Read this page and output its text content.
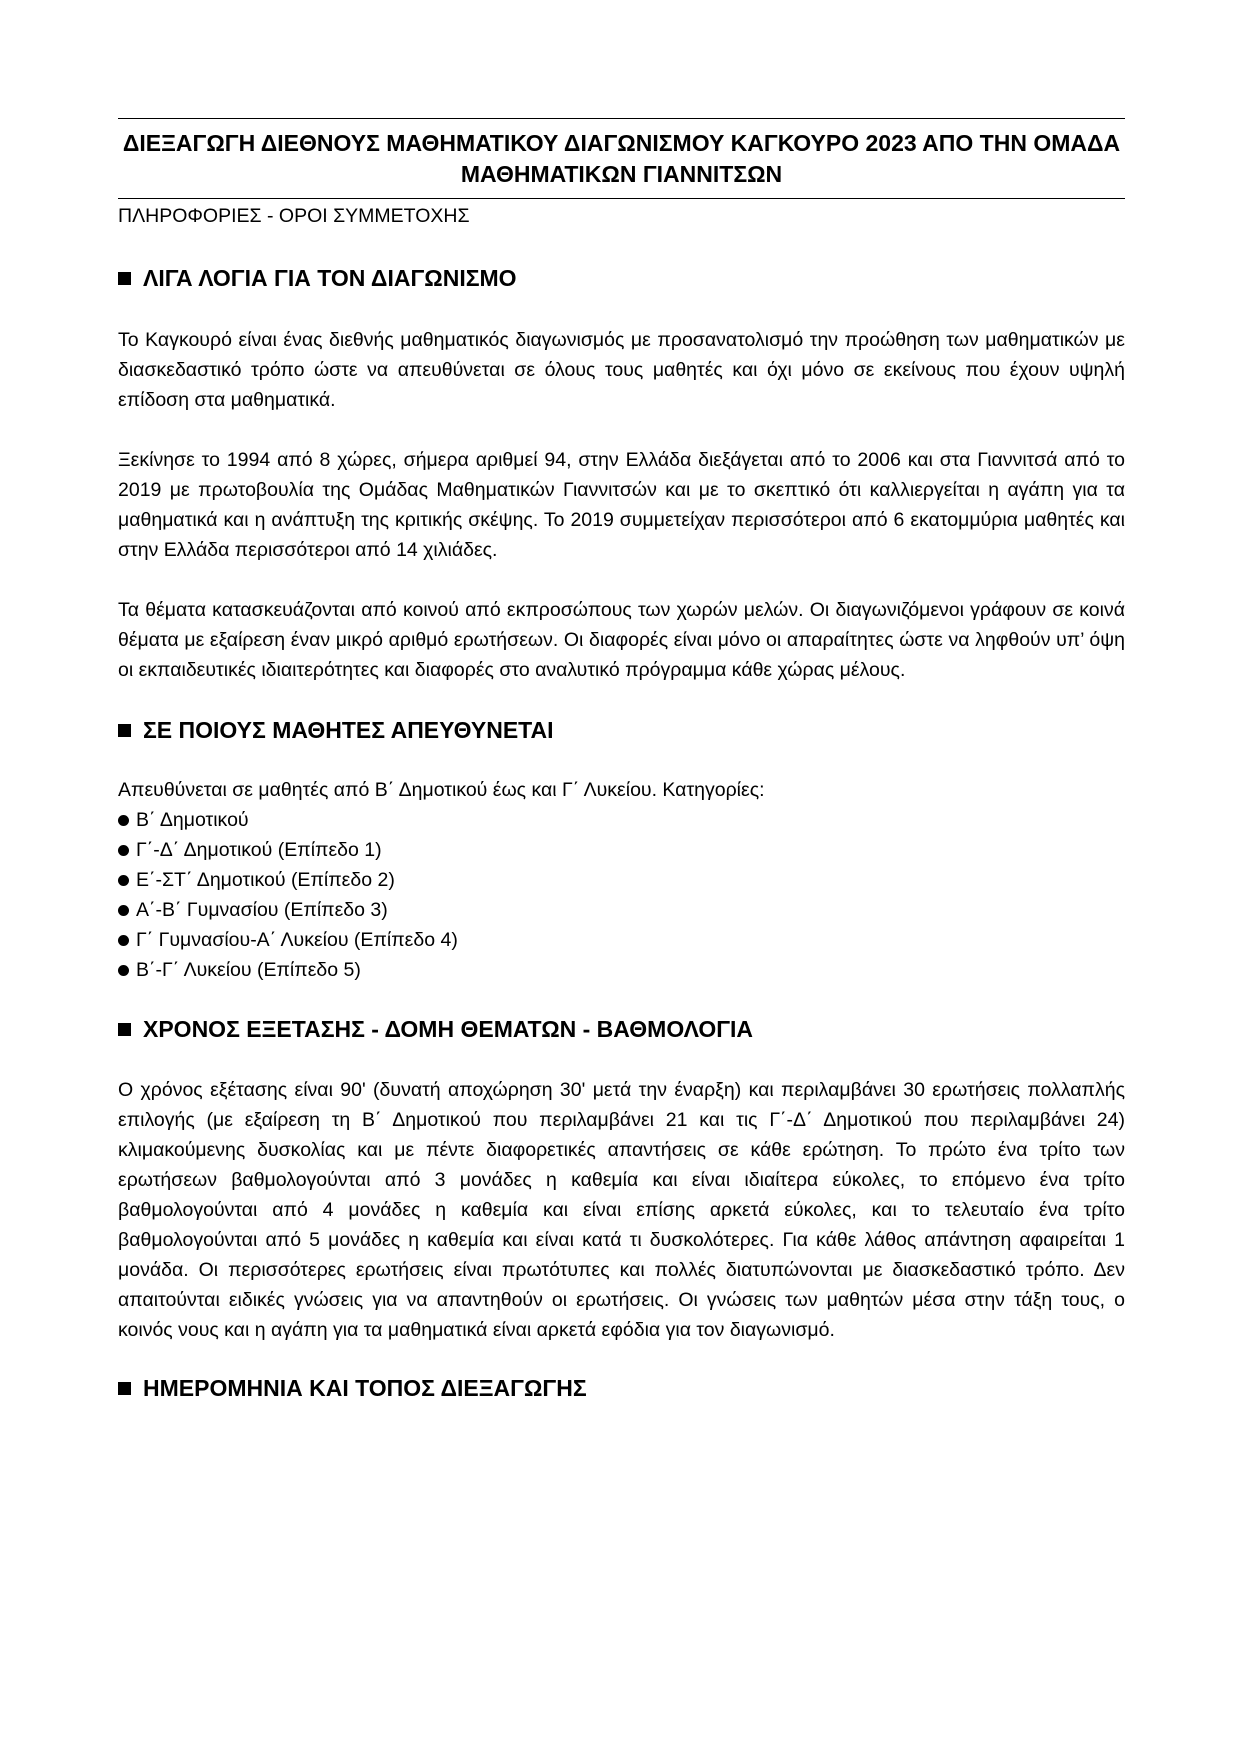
ΔΙΕΞΑΓΩΓΗ ΔΙΕΘΝΟΥΣ ΜΑΘΗΜΑΤΙΚΟΥ ΔΙΑΓΩΝΙΣΜΟΥ ΚΑΓΚΟΥΡΟ 2023 ΑΠΟ ΤΗΝ ΟΜΑΔΑ ΜΑΘΗΜΑΤΙΚΩΝ ΓΙΑΝΝΙΤΣΩΝ

ΠΛΗΡΟΦΟΡΙΕΣ - ΟΡΟΙ ΣΥΜΜΕΤΟΧΗΣ

ΛΙΓΑ ΛΟΓΙΑ ΓΙΑ ΤΟΝ ΔΙΑΓΩΝΙΣΜΟ

Το Καγκουρό είναι ένας διεθνής μαθηματικός διαγωνισμός με προσανατολισμό την προώθηση των μαθηματικών με διασκεδαστικό τρόπο ώστε να απευθύνεται σε όλους τους μαθητές και όχι μόνο σε εκείνους που έχουν υψηλή επίδοση στα μαθηματικά.

Ξεκίνησε το 1994 από 8 χώρες, σήμερα αριθμεί 94, στην Ελλάδα διεξάγεται από το 2006 και στα Γιαννιτσά από το 2019 με πρωτοβουλία της Ομάδας Μαθηματικών Γιαννιτσών και με το σκεπτικό ότι καλλιεργείται η αγάπη για τα μαθηματικά και η ανάπτυξη της κριτικής σκέψης. Το 2019 συμμετείχαν περισσότεροι από 6 εκατομμύρια μαθητές και στην Ελλάδα περισσότεροι από 14 χιλιάδες.

Τα θέματα κατασκευάζονται από κοινού από εκπροσώπους των χωρών μελών. Οι διαγωνιζόμενοι γράφουν σε κοινά θέματα με εξαίρεση έναν μικρό αριθμό ερωτήσεων. Οι διαφορές είναι μόνο οι απαραίτητες ώστε να ληφθούν υπ’ όψη οι εκπαιδευτικές ιδιαιτερότητες και διαφορές στο αναλυτικό πρόγραμμα κάθε χώρας μέλους.

ΣΕ ΠΟΙΟΥΣ ΜΑΘΗΤΕΣ ΑΠΕΥΘΥΝΕΤΑΙ

Απευθύνεται σε μαθητές από Β΄ Δημοτικού έως και Γ΄ Λυκείου. Κατηγορίες:

Β΄ Δημοτικού
Γ΄-Δ΄ Δημοτικού (Επίπεδο 1)
Ε΄-ΣΤ΄ Δημοτικού (Επίπεδο 2)
Α΄-Β΄ Γυμνασίου (Επίπεδο 3)
Γ΄ Γυμνασίου-Α΄ Λυκείου (Επίπεδο 4)
Β΄-Γ΄ Λυκείου (Επίπεδο 5)
ΧΡΟΝΟΣ ΕΞΕΤΑΣΗΣ - ΔΟΜΗ ΘΕΜΑΤΩΝ - ΒΑΘΜΟΛΟΓΙΑ

Ο χρόνος εξέτασης είναι 90' (δυνατή αποχώρηση 30' μετά την έναρξη) και περιλαμβάνει 30 ερωτήσεις πολλαπλής επιλογής (με εξαίρεση τη Β΄ Δημοτικού που περιλαμβάνει 21 και τις Γ΄-Δ΄ Δημοτικού που περιλαμβάνει 24) κλιμακούμενης δυσκολίας και με πέντε διαφορετικές απαντήσεις σε κάθε ερώτηση. Το πρώτο ένα τρίτο των ερωτήσεων βαθμολογούνται από 3 μονάδες η καθεμία και είναι ιδιαίτερα εύκολες, το επόμενο ένα τρίτο βαθμολογούνται από 4 μονάδες η καθεμία και είναι επίσης αρκετά εύκολες, και το τελευταίο ένα τρίτο βαθμολογούνται από 5 μονάδες η καθεμία και είναι κατά τι δυσκολότερες. Για κάθε λάθος απάντηση αφαιρείται 1 μονάδα. Οι περισσότερες ερωτήσεις είναι πρωτότυπες και πολλές διατυπώνονται με διασκεδαστικό τρόπο. Δεν απαιτούνται ειδικές γνώσεις για να απαντηθούν οι ερωτήσεις. Οι γνώσεις των μαθητών μέσα στην τάξη τους, ο κοινός νους και η αγάπη για τα μαθηματικά είναι αρκετά εφόδια για τον διαγωνισμό.

ΗΜΕΡΟΜΗΝΙΑ ΚΑΙ ΤΟΠΟΣ ΔΙΕΞΑΓΩΓΗΣ
